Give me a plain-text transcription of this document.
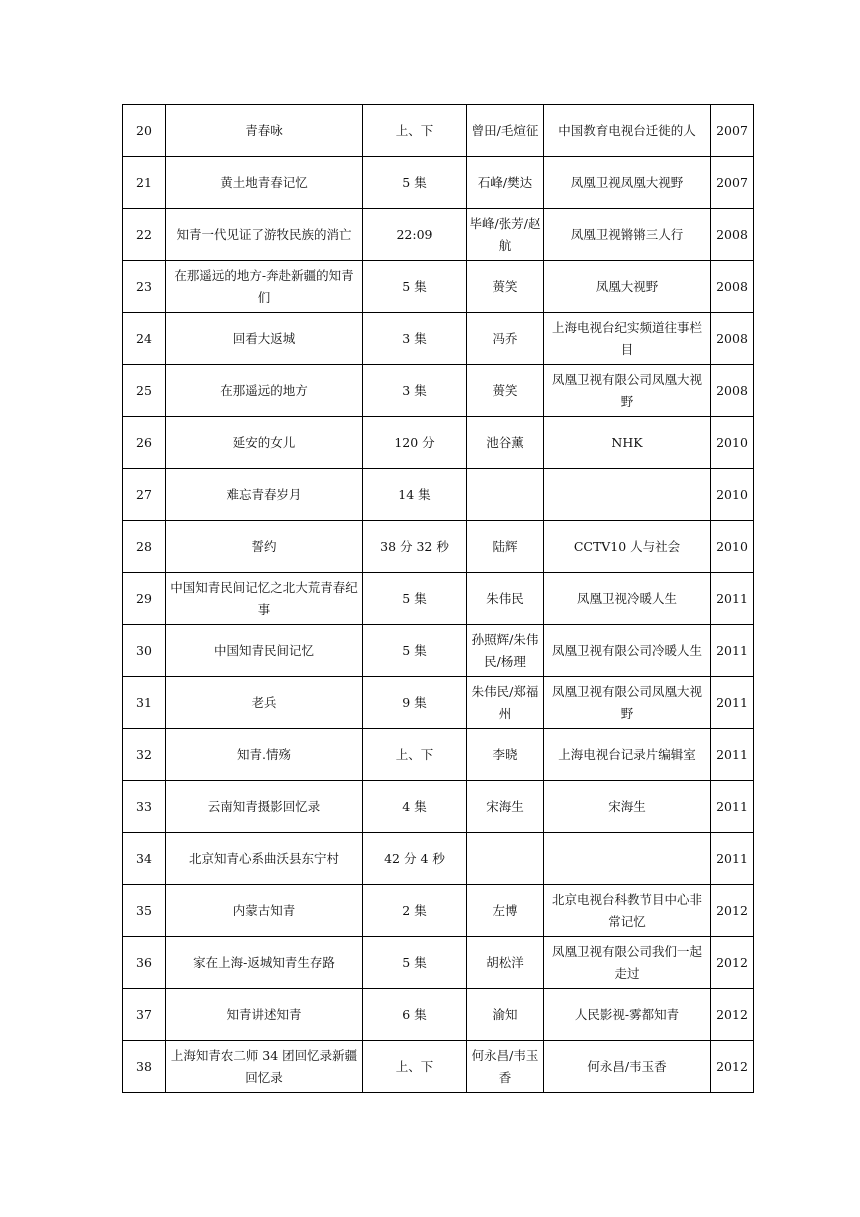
20	青春咏	上、下	曾田/毛煊征	中国教育电视台迁徙的人	2007
21	黄土地青春记忆	5 集	石峰/樊达	凤凰卫视凤凰大视野	2007
22	知青一代见证了游牧民族的消亡	22:09	毕峰/张芳/赵航	凤凰卫视锵锵三人行	2008
23	在那遥远的地方-奔赴新疆的知青们	5 集	蒉笑	凤凰大视野	2008
24	回看大返城	3 集	冯乔	上海电视台纪实频道往事栏目	2008
25	在那遥远的地方	3 集	蒉笑	凤凰卫视有限公司凤凰大视野	2008
26	延安的女儿	120 分	池谷薰	NHK	2010
27	难忘青春岁月	14 集			2010
28	誓约	38 分 32 秒	陆辉	CCTV10 人与社会	2010
29	中国知青民间记忆之北大荒青春纪事	5 集	朱伟民	凤凰卫视冷暖人生	2011
30	中国知青民间记忆	5 集	孙照辉/朱伟民/杨理	凤凰卫视有限公司冷暖人生	2011
31	老兵	9 集	朱伟民/郑福州	凤凰卫视有限公司凤凰大视野	2011
32	知青.情殇	上、下	李晓	上海电视台记录片编辑室	2011
33	云南知青摄影回忆录	4 集	宋海生	宋海生	2011
34	北京知青心系曲沃县东宁村	42 分 4 秒			2011
35	内蒙古知青	2 集	左博	北京电视台科教节目中心非常记忆	2012
36	家在上海-返城知青生存路	5 集	胡松洋	凤凰卫视有限公司我们一起走过	2012
37	知青讲述知青	6 集	渝知	人民影视-雾都知青	2012
38	上海知青农二师 34 团回忆录新疆回忆录	上、下	何永昌/韦玉香	何永昌/韦玉香	2012
